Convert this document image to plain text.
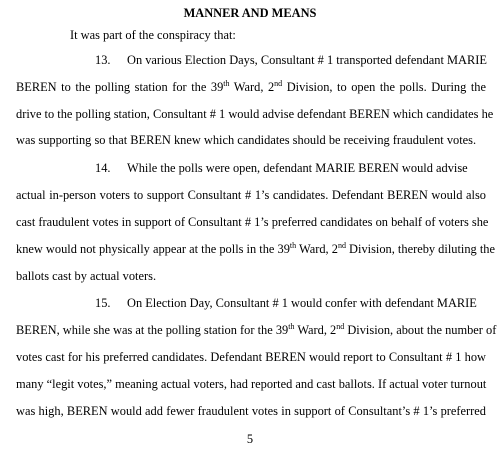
MANNER AND MEANS
It was part of the conspiracy that:
13. On various Election Days, Consultant # 1 transported defendant MARIE
BEREN to the polling station for the 39th Ward, 2nd Division, to open the polls. During the
drive to the polling station, Consultant # 1 would advise defendant BEREN which candidates he
was supporting so that BEREN knew which candidates should be receiving fraudulent votes.
14. While the polls were open, defendant MARIE BEREN would advise
actual in-person voters to support Consultant # 1’s candidates. Defendant BEREN would also
cast fraudulent votes in support of Consultant # 1’s preferred candidates on behalf of voters she
knew would not physically appear at the polls in the 39th Ward, 2nd Division, thereby diluting the
ballots cast by actual voters.
15. On Election Day, Consultant # 1 would confer with defendant MARIE
BEREN, while she was at the polling station for the 39th Ward, 2nd Division, about the number of
votes cast for his preferred candidates. Defendant BEREN would report to Consultant # 1 how
many “legit votes,” meaning actual voters, had reported and cast ballots. If actual voter turnout
was high, BEREN would add fewer fraudulent votes in support of Consultant’s # 1’s preferred
5
